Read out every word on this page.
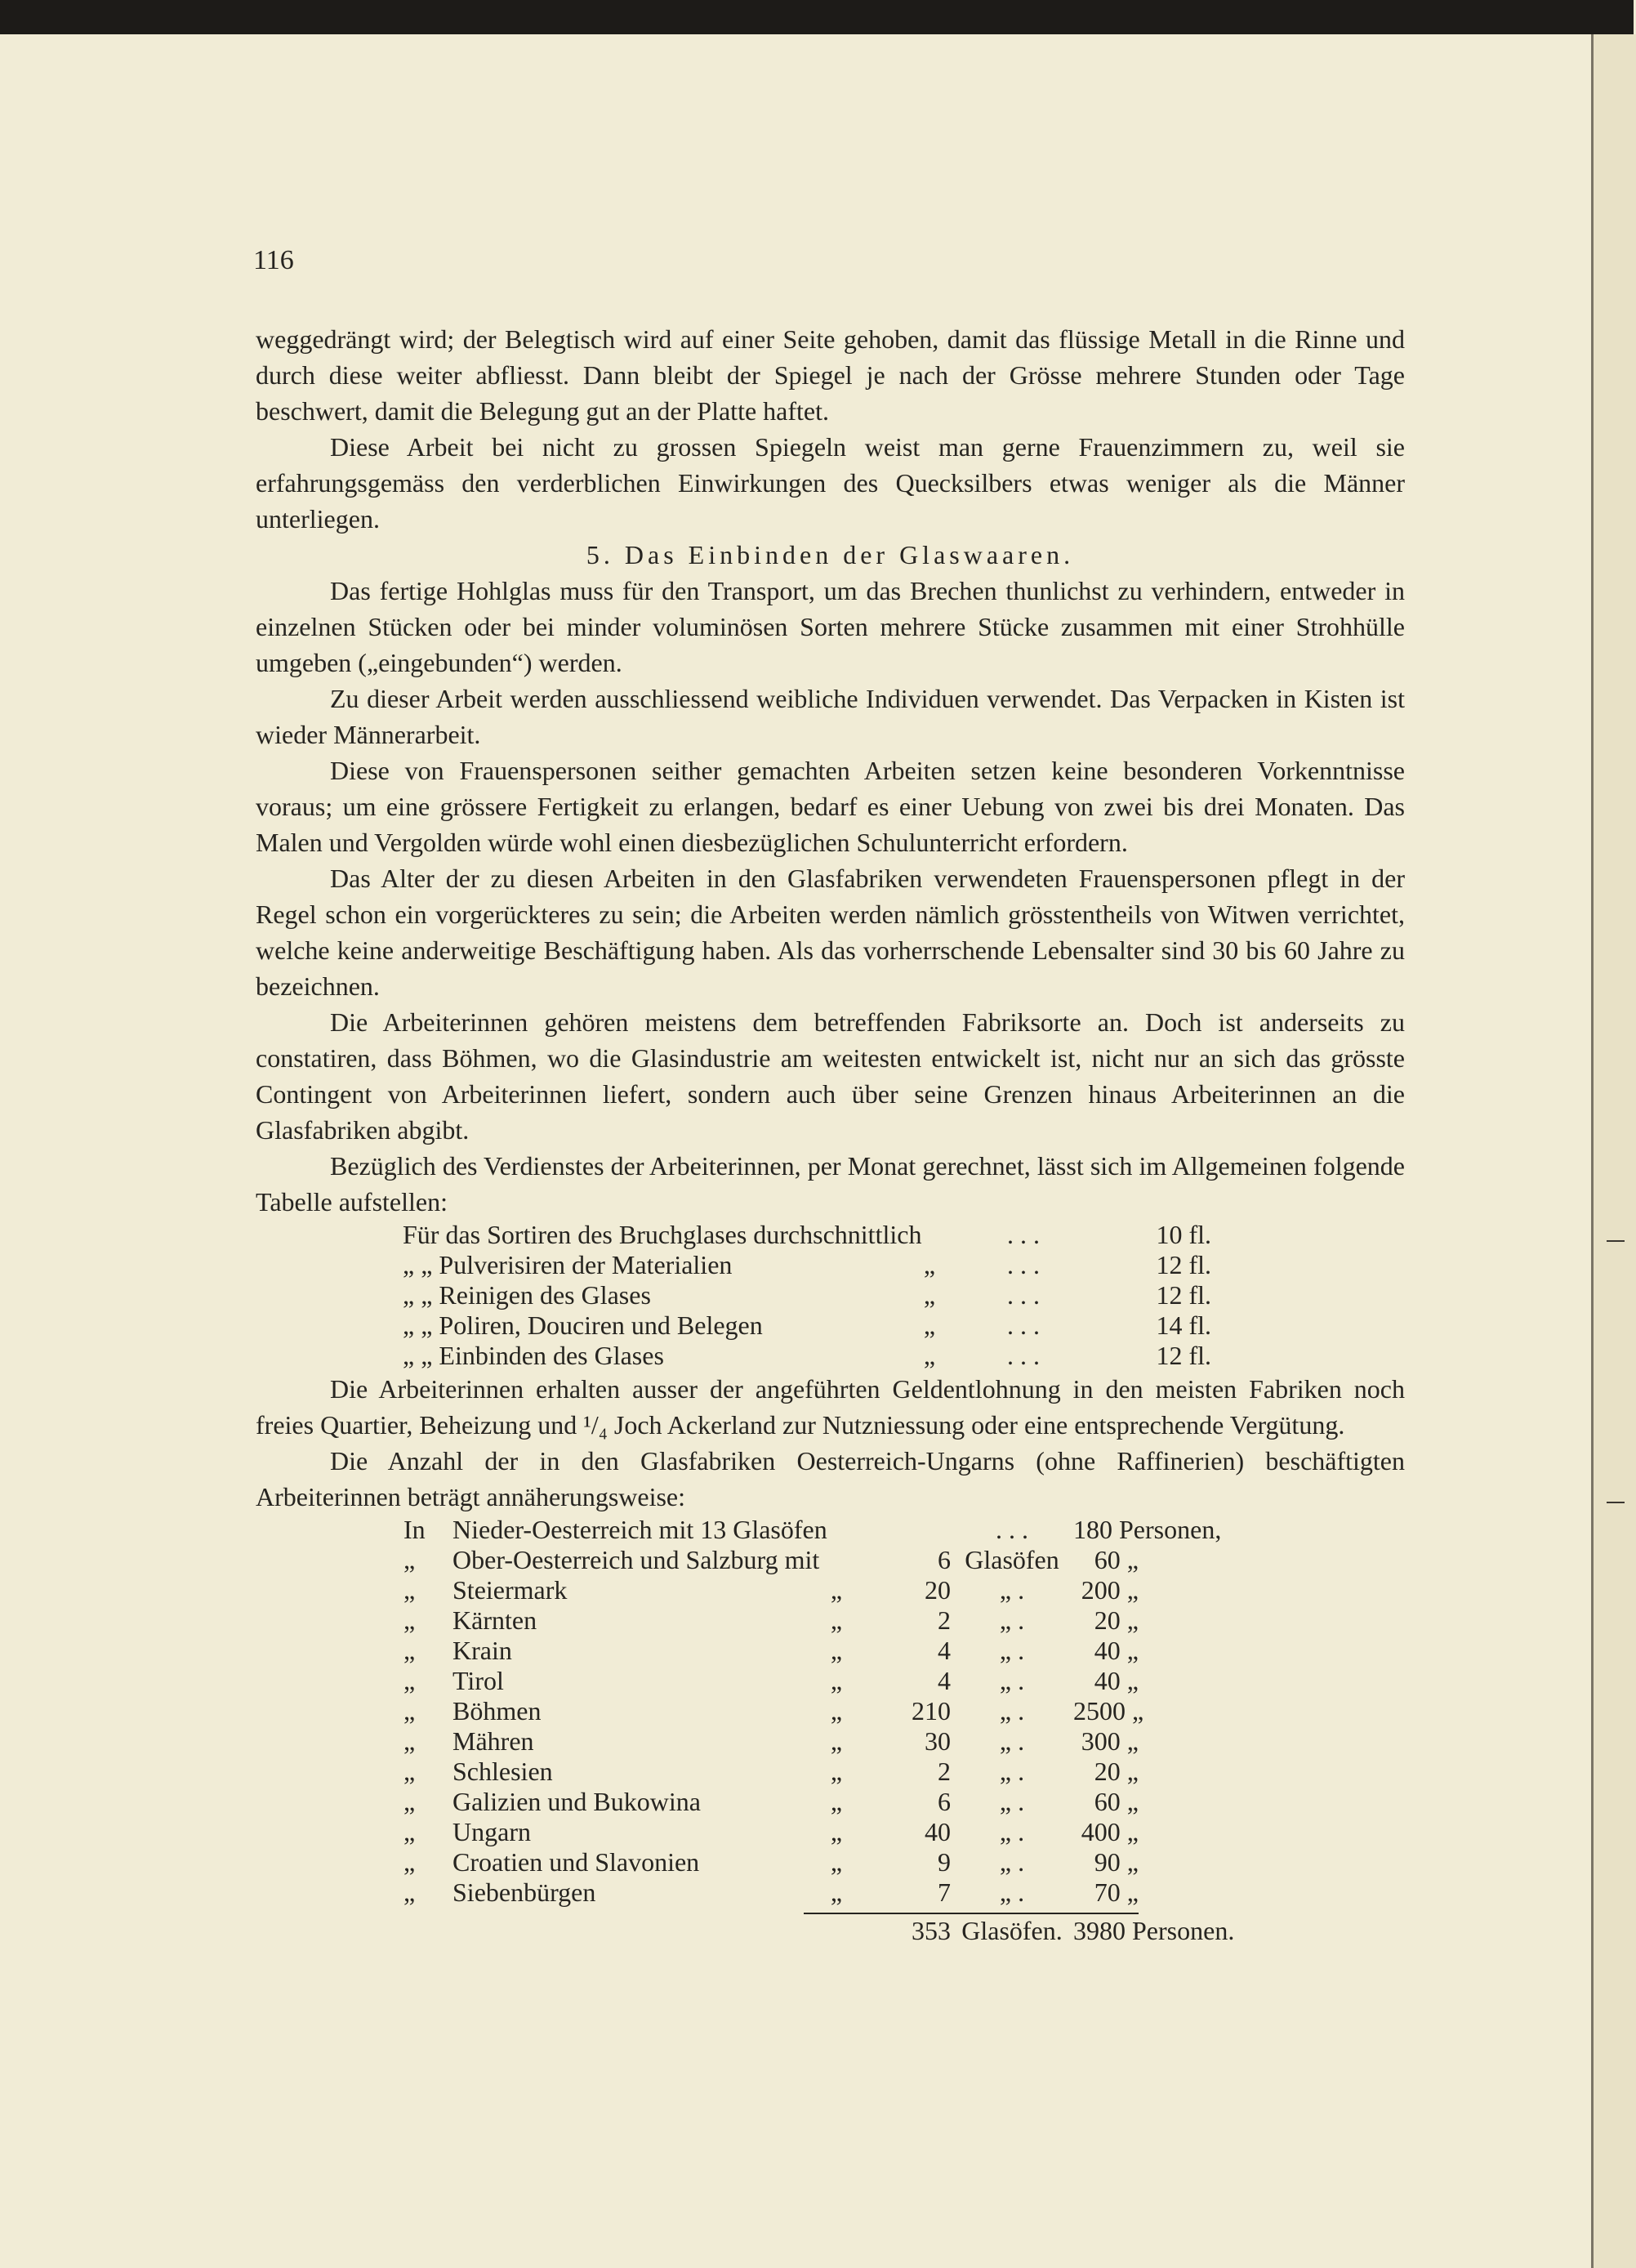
116

weggedrängt wird; der Belegtisch wird auf einer Seite gehoben, damit das flüssige Metall in die Rinne und durch diese weiter abfliesst. Dann bleibt der Spiegel je nach der Grösse mehrere Stunden oder Tage beschwert, damit die Belegung gut an der Platte haftet.

Diese Arbeit bei nicht zu grossen Spiegeln weist man gerne Frauenzimmern zu, weil sie erfahrungsgemäss den verderblichen Einwirkungen des Quecksilbers etwas weniger als die Männer unterliegen.

5. Das Einbinden der Glaswaaren.

Das fertige Hohlglas muss für den Transport, um das Brechen thunlichst zu verhindern, entweder in einzelnen Stücken oder bei minder voluminösen Sorten mehrere Stücke zusammen mit einer Strohhülle umgeben („eingebunden“) werden.

Zu dieser Arbeit werden ausschliessend weibliche Individuen verwendet. Das Verpacken in Kisten ist wieder Männerarbeit.

Diese von Frauenspersonen seither gemachten Arbeiten setzen keine besonderen Vorkenntnisse voraus; um eine grössere Fertigkeit zu erlangen, bedarf es einer Uebung von zwei bis drei Monaten. Das Malen und Vergolden würde wohl einen diesbezüglichen Schulunterricht erfordern.

Das Alter der zu diesen Arbeiten in den Glasfabriken verwendeten Frauenspersonen pflegt in der Regel schon ein vorgerückteres zu sein; die Arbeiten werden nämlich grösstentheils von Witwen verrichtet, welche keine anderweitige Beschäftigung haben. Als das vorherrschende Lebensalter sind 30 bis 60 Jahre zu bezeichnen.

Die Arbeiterinnen gehören meistens dem betreffenden Fabriksorte an. Doch ist anderseits zu constatiren, dass Böhmen, wo die Glasindustrie am weitesten entwickelt ist, nicht nur an sich das grösste Contingent von Arbeiterinnen liefert, sondern auch über seine Grenzen hinaus Arbeiterinnen an die Glasfabriken abgibt.

Bezüglich des Verdienstes der Arbeiterinnen, per Monat gerechnet, lässt sich im Allgemeinen folgende Tabelle aufstellen:

Für das Sortiren des Bruchglases durchschnittlich	. . .	10 fl.
„ „ Pulverisiren der Materialien	„	. . .	12 fl.
„ „ Reinigen des Glases	„	. . .	12 fl.
„ „ Poliren, Douciren und Belegen	„	. . .	14 fl.
„ „ Einbinden des Glases	„	. . .	12 fl.

Die Arbeiterinnen erhalten ausser der angeführten Geldentlohnung in den meisten Fabriken noch freies Quartier, Beheizung und ¹/₄ Joch Ackerland zur Nutzniessung oder eine entsprechende Vergütung.

Die Anzahl der in den Glasfabriken Oesterreich-Ungarns (ohne Raffinerien) beschäftigten Arbeiterinnen beträgt annäherungsweise:

In	Nieder-Oesterreich mit 13 Glasöfen	. . .	180 Personen,
„	Ober-Oesterreich und Salzburg mit	6 Glasöfen	60 „
„	Steiermark	„	20	„ .	200 „
„	Kärnten	„	2	„ .	20 „
„	Krain	„	4	„ .	40 „
„	Tirol	„	4	„ .	40 „
„	Böhmen	„	210	„ .	2500 „
„	Mähren	„	30	„ .	300 „
„	Schlesien	„	2	„ .	20 „
„	Galizien und Bukowina	„	6	„ .	60 „
„	Ungarn	„	40	„ .	400 „
„	Croatien und Slavonien	„	9	„ .	90 „
„	Siebenbürgen	„	7	„ .	70 „
353 Glasöfen. 3980 Personen.
